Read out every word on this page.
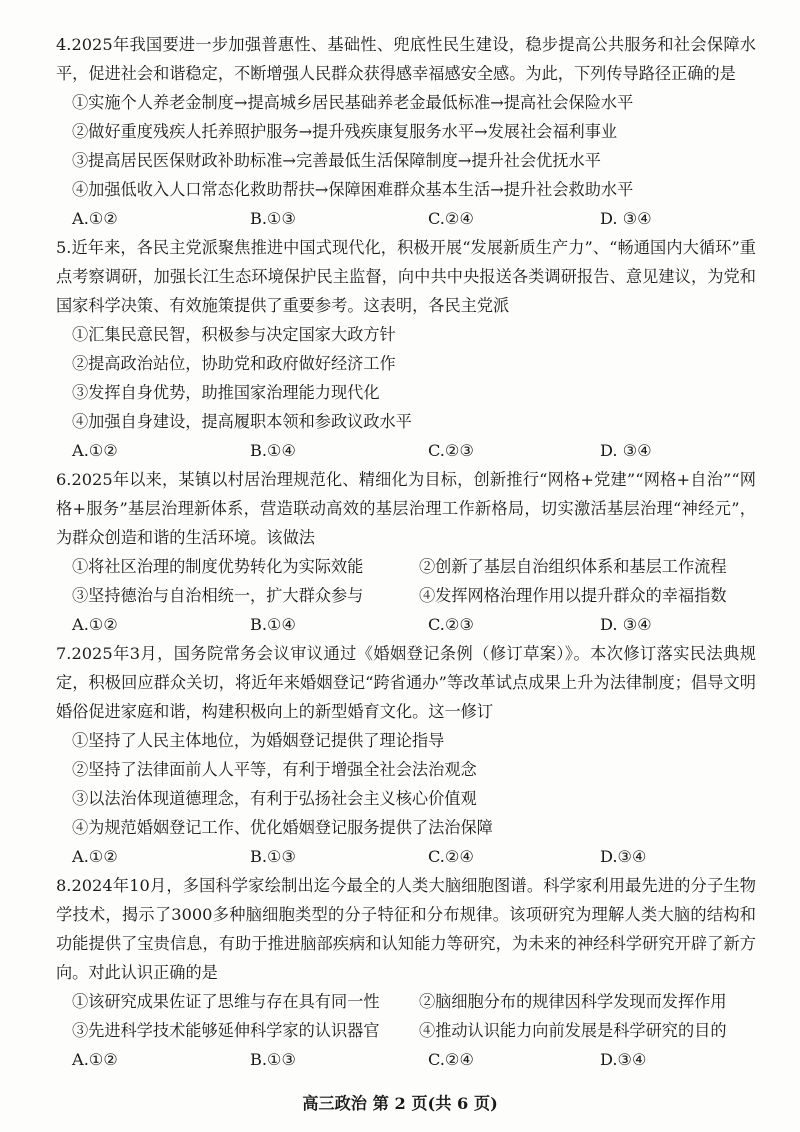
4.2025年我国要进一步加强普惠性、基础性、兜底性民生建设，稳步提高公共服务和社会保障水平，促进社会和谐稳定，不断增强人民群众获得感幸福感安全感。为此，下列传导路径正确的是

①实施个人养老金制度→提高城乡居民基础养老金最低标准→提高社会保险水平

②做好重度残疾人托养照护服务→提升残疾康复服务水平→发展社会福利事业

③提高居民医保财政补助标准→完善最低生活保障制度→提升社会优抚水平

④加强低收入人口常态化救助帮扶→保障困难群众基本生活→提升社会救助水平

A.①②	B.①③	C.②④	D. ③④

5.近年来，各民主党派聚焦推进中国式现代化，积极开展“发展新质生产力”、“畅通国内大循环”重点考察调研，加强长江生态环境保护民主监督，向中共中央报送各类调研报告、意见建议，为党和国家科学决策、有效施策提供了重要参考。这表明，各民主党派

①汇集民意民智，积极参与决定国家大政方针

②提高政治站位，协助党和政府做好经济工作

③发挥自身优势，助推国家治理能力现代化

④加强自身建设，提高履职本领和参政议政水平

A.①②	B.①④	C.②③	D. ③④

6.2025年以来，某镇以村居治理规范化、精细化为目标，创新推行“网格+党建”“网格+自治”“网格+服务”基层治理新体系，营造联动高效的基层治理工作新格局，切实激活基层治理“神经元”，为群众创造和谐的生活环境。该做法

①将社区治理的制度优势转化为实际效能	②创新了基层自治组织体系和基层工作流程

③坚持德治与自治相统一，扩大群众参与	④发挥网格治理作用以提升群众的幸福指数

A.①②	B.①④	C.②③	D. ③④

7.2025年3月，国务院常务会议审议通过《婚姻登记条例（修订草案）》。本次修订落实民法典规定，积极回应群众关切，将近年来婚姻登记“跨省通办”等改革试点成果上升为法律制度；倡导文明婚俗促进家庭和谐，构建积极向上的新型婚育文化。这一修订

①坚持了人民主体地位，为婚姻登记提供了理论指导

②坚持了法律面前人人平等，有利于增强全社会法治观念

③以法治体现道德理念，有利于弘扬社会主义核心价值观

④为规范婚姻登记工作、优化婚姻登记服务提供了法治保障

A.①②	B.①③	C.②④	D.③④

8.2024年10月，多国科学家绘制出迄今最全的人类大脑细胞图谱。科学家利用最先进的分子生物学技术，揭示了3000多种脑细胞类型的分子特征和分布规律。该项研究为理解人类大脑的结构和功能提供了宝贵信息，有助于推进脑部疾病和认知能力等研究，为未来的神经科学研究开辟了新方向。对此认识正确的是

①该研究成果佐证了思维与存在具有同一性	②脑细胞分布的规律因科学发现而发挥作用

③先进科学技术能够延伸科学家的认识器官	④推动认识能力向前发展是科学研究的目的

A.①②	B.①③	C.②④	D.③④
高三政治 第 2 页(共 6 页)
